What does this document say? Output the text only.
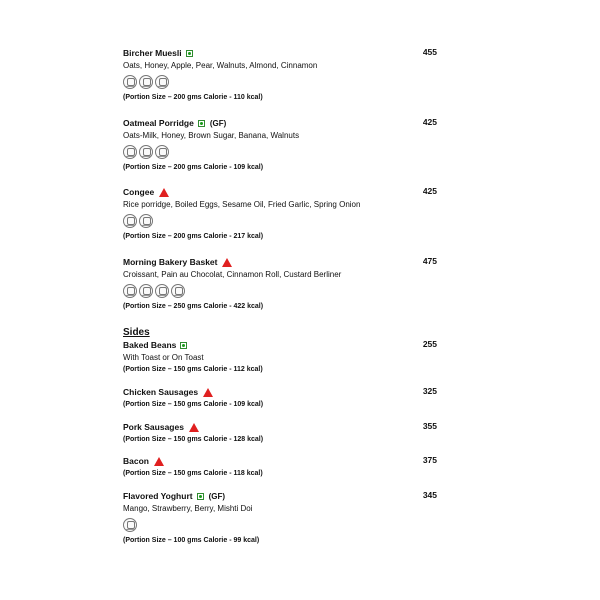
Bircher Muesli	455
Oats, Honey, Apple, Pear, Walnuts, Almond, Cinnamon
(Portion Size – 200 gms Calorie - 110 kcal)
Oatmeal Porridge (GF)	425
Oats-Milk, Honey, Brown Sugar, Banana, Walnuts
(Portion Size – 200 gms Calorie - 109 kcal)
Congee	425
Rice porridge, Boiled Eggs, Sesame Oil, Fried Garlic, Spring Onion
(Portion Size – 200 gms Calorie - 217 kcal)
Morning Bakery Basket	475
Croissant, Pain au Chocolat, Cinnamon Roll, Custard Berliner
(Portion Size – 250 gms Calorie - 422 kcal)
Sides
Baked Beans	255
With Toast or On Toast
(Portion Size – 150 gms Calorie - 112 kcal)
Chicken Sausages	325
(Portion Size – 150 gms Calorie - 109 kcal)
Pork Sausages	355
(Portion Size – 150 gms Calorie - 128 kcal)
Bacon	375
(Portion Size – 150 gms Calorie - 118 kcal)
Flavored Yoghurt (GF)	345
Mango, Strawberry, Berry, Mishti Doi
(Portion Size – 100 gms Calorie - 99 kcal)
